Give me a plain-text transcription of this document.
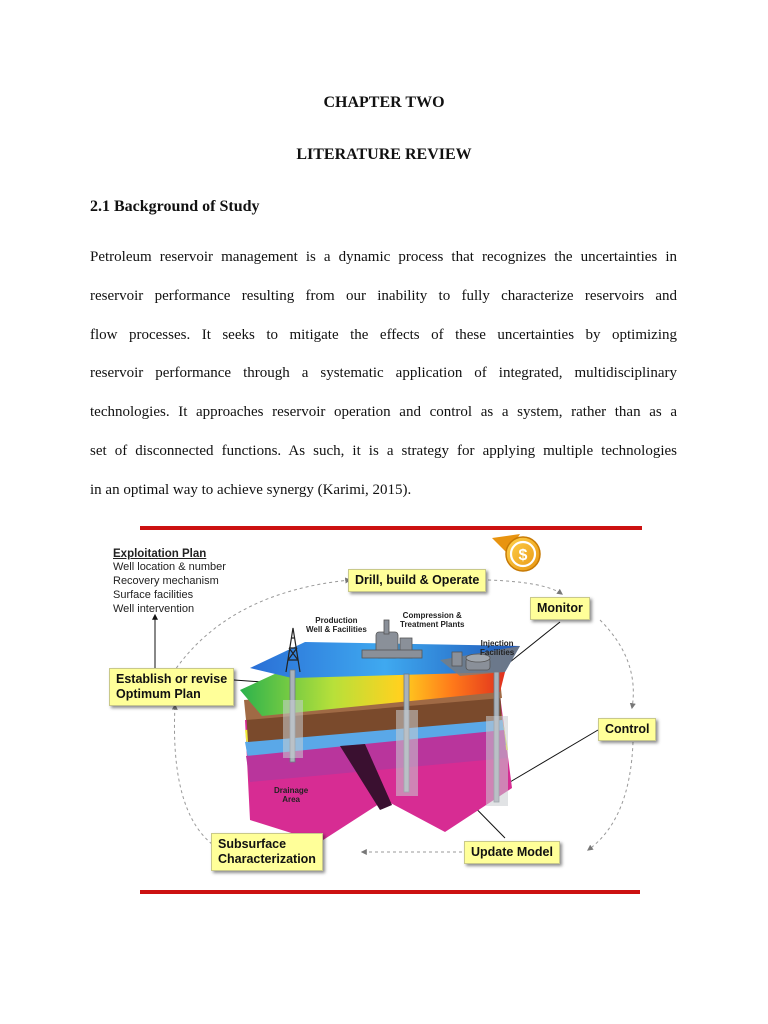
CHAPTER TWO
LITERATURE REVIEW
2.1 Background of Study
Petroleum reservoir management is a dynamic process that recognizes the uncertainties in
reservoir performance resulting from our inability to fully characterize reservoirs and
flow processes. It seeks to mitigate the effects of these uncertainties by optimizing
reservoir performance through a systematic application of integrated, multidisciplinary
technologies. It approaches reservoir operation and control as a system, rather than as a
set of disconnected functions. As such, it is a strategy for applying multiple technologies
in an optimal way to achieve synergy (Karimi, 2015).
$
Exploitation Plan
Well location & number
Recovery mechanism
Surface facilities
Well intervention
Drill, build & Operate
Monitor
Control
Update Model
Subsurface
Characterization
Establish or revise
Optimum Plan
Production
Well & Facilities
Compression &
Treatment Plants
Injection
Facilities
Drainage
Area
